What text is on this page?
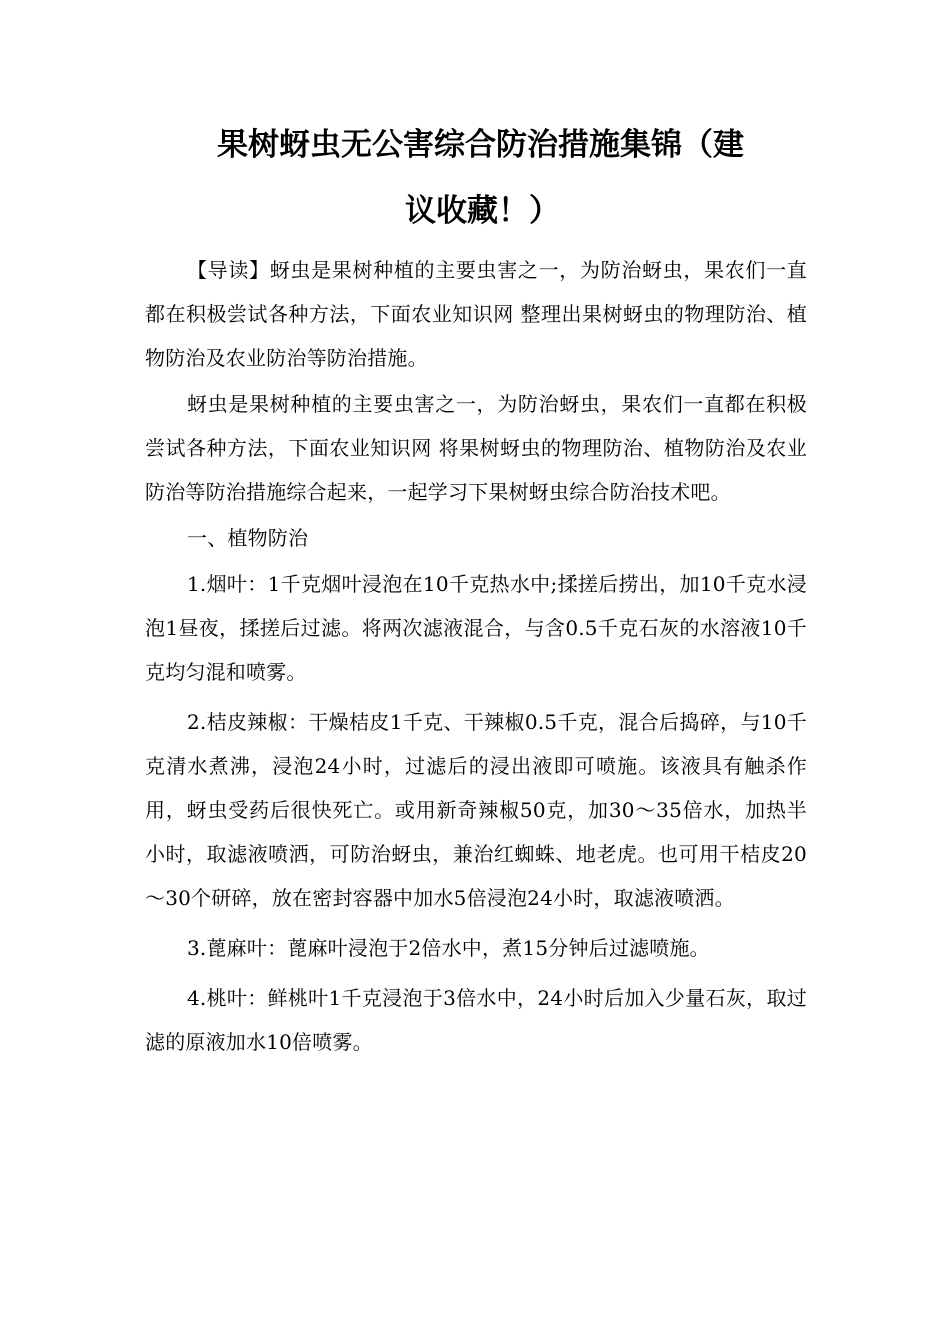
果树蚜虫无公害综合防治措施集锦（建
议收藏！）

【导读】蚜虫是果树种植的主要虫害之一，为防治蚜虫，果农们一直都在积极尝试各种方法，下面农业知识网 整理出果树蚜虫的物理防治、植物防治及农业防治等防治措施。

蚜虫是果树种植的主要虫害之一，为防治蚜虫，果农们一直都在积极尝试各种方法，下面农业知识网 将果树蚜虫的物理防治、植物防治及农业防治等防治措施综合起来，一起学习下果树蚜虫综合防治技术吧。

一、植物防治

1.烟叶：1千克烟叶浸泡在10千克热水中;揉搓后捞出，加10千克水浸泡1昼夜，揉搓后过滤。将两次滤液混合，与含0.5千克石灰的水溶液10千克均匀混和喷雾。

2.桔皮辣椒：干燥桔皮1千克、干辣椒0.5千克，混合后捣碎，与10千克清水煮沸，浸泡24小时，过滤后的浸出液即可喷施。该液具有触杀作用，蚜虫受药后很快死亡。或用新奇辣椒50克，加30～35倍水，加热半小时，取滤液喷洒，可防治蚜虫，兼治红蜘蛛、地老虎。也可用干桔皮20～30个研碎，放在密封容器中加水5倍浸泡24小时，取滤液喷洒。

3.蓖麻叶：蓖麻叶浸泡于2倍水中，煮15分钟后过滤喷施。

4.桃叶：鲜桃叶1千克浸泡于3倍水中，24小时后加入少量石灰，取过滤的原液加水10倍喷雾。
